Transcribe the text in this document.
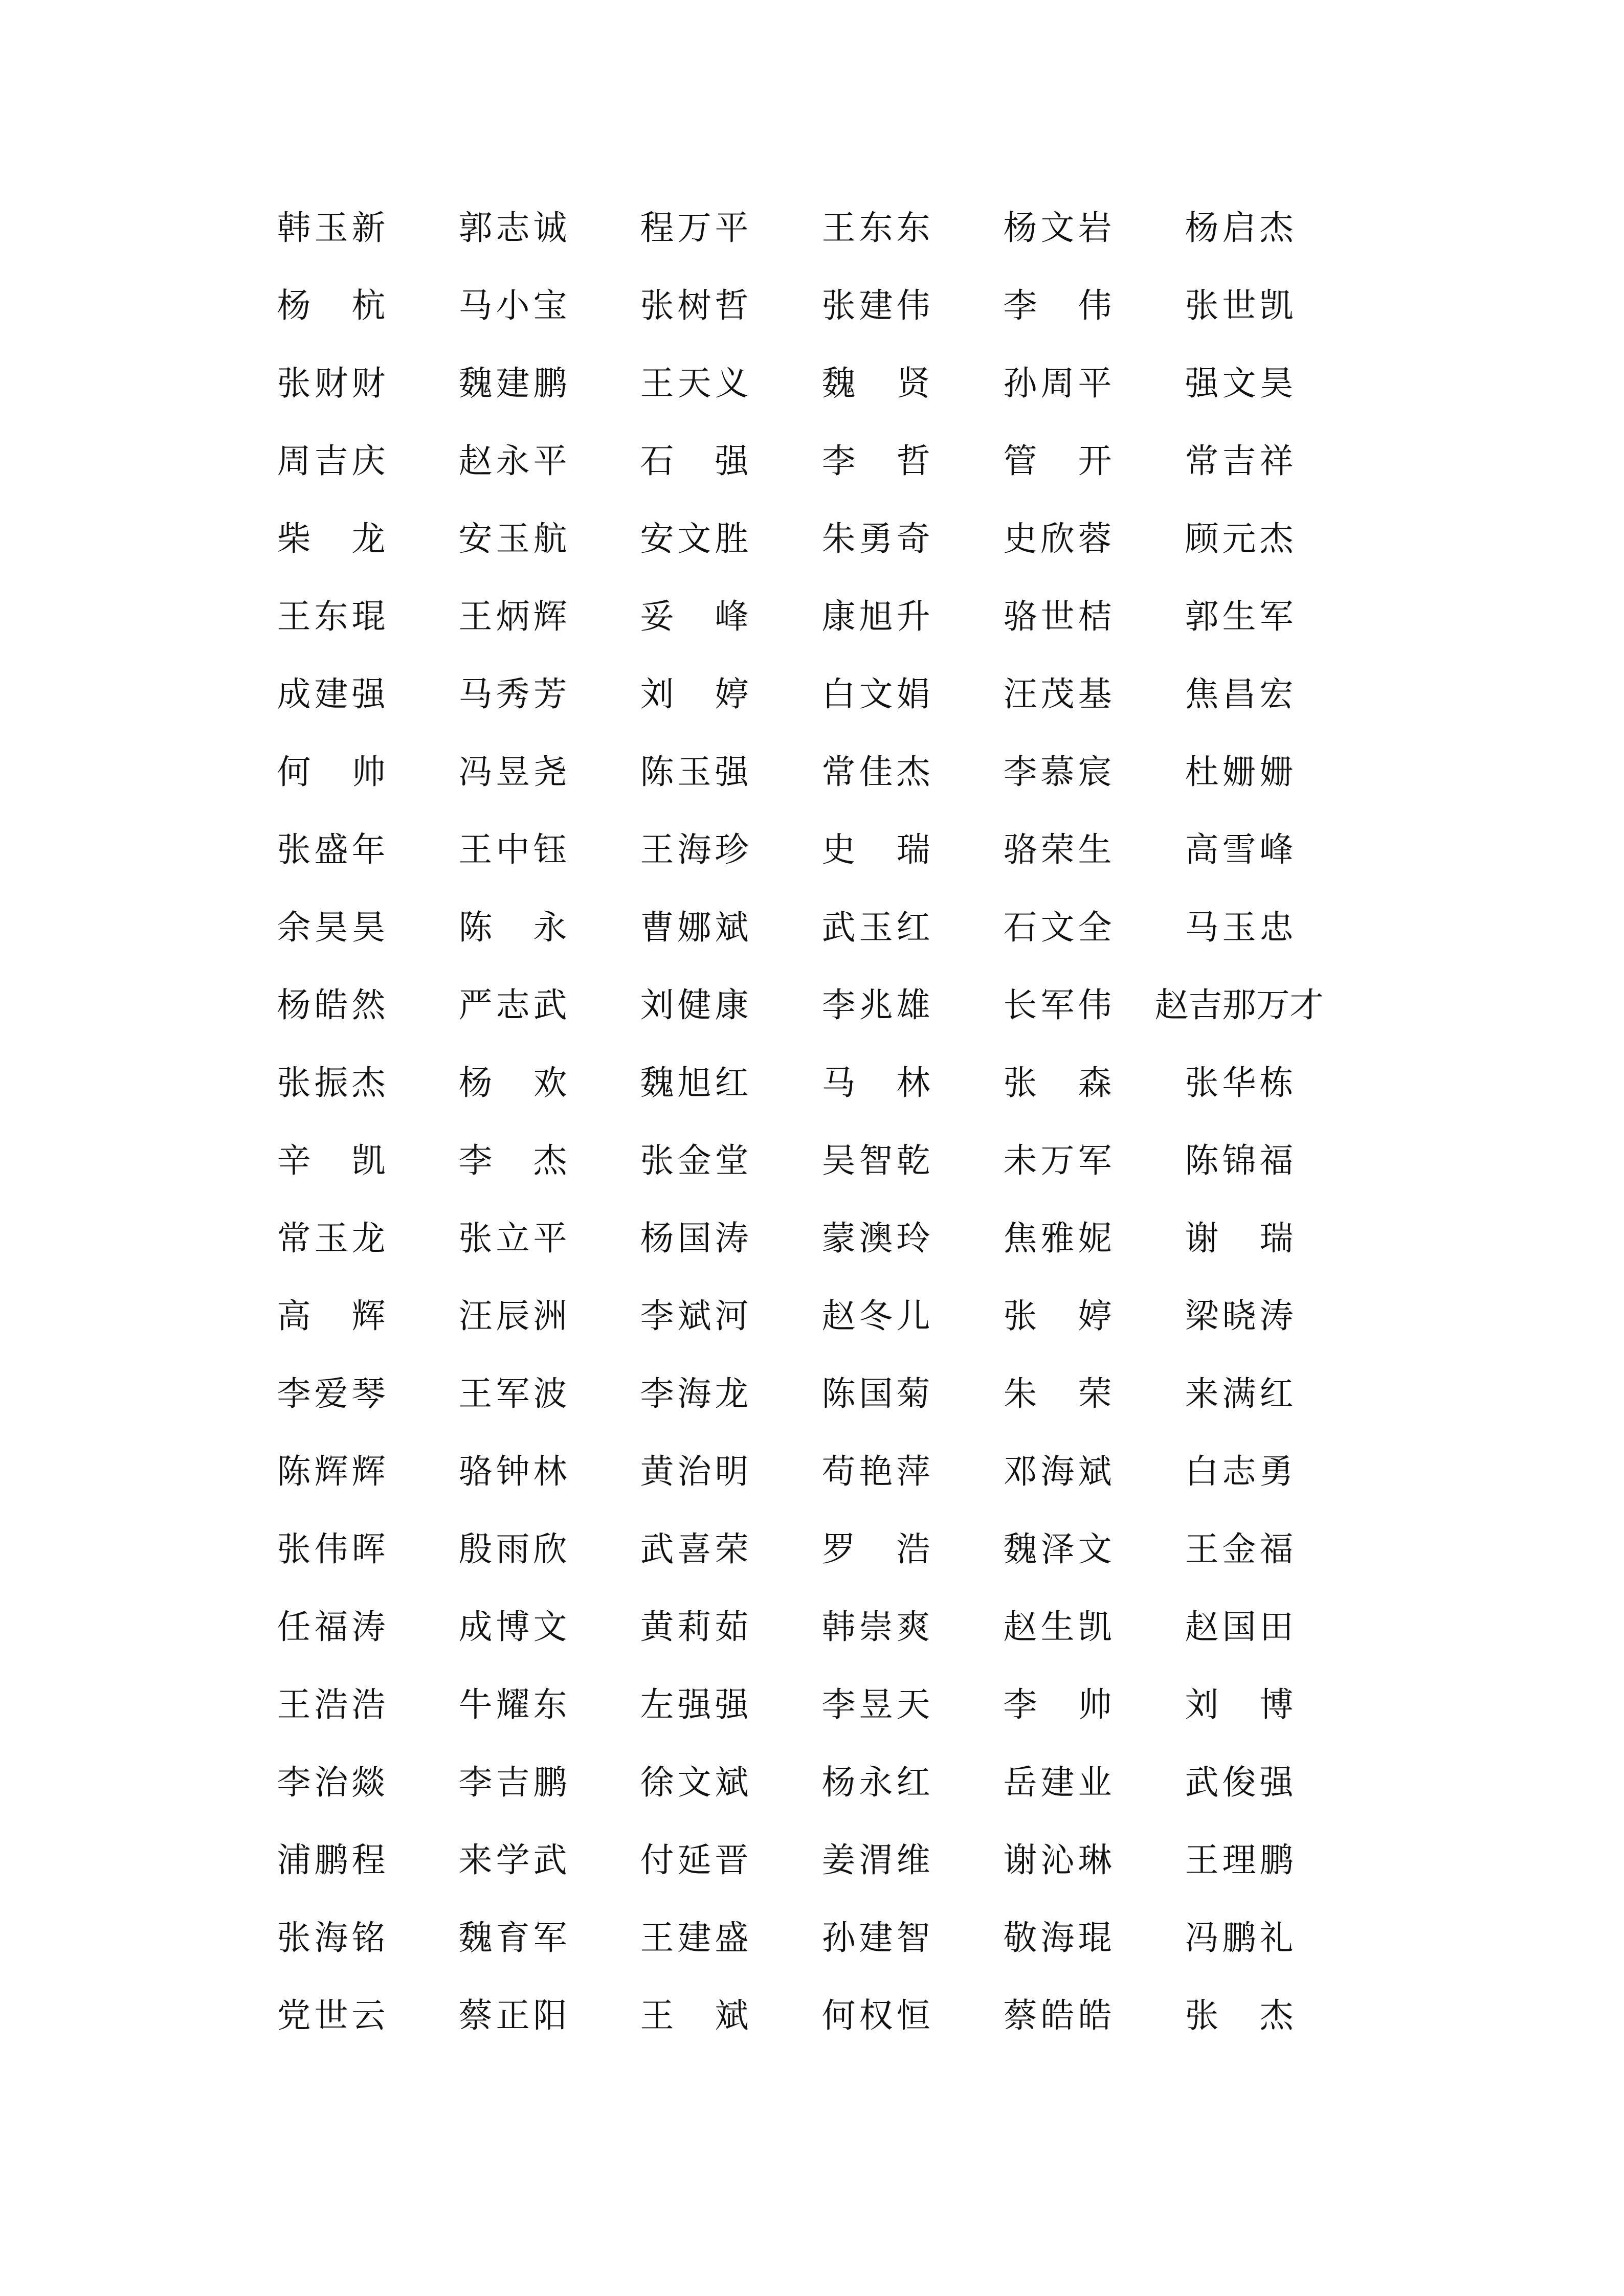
韩玉新	郭志诚	程万平	王东东	杨文岩	杨启杰
杨杭	马小宝	张树哲	张建伟	李伟	张世凯
张财财	魏建鹏	王天义	魏贤	孙周平	强文昊
周吉庆	赵永平	石强	李哲	管开	常吉祥
柴龙	安玉航	安文胜	朱勇奇	史欣蓉	顾元杰
王东琨	王炳辉	妥峰	康旭升	骆世桔	郭生军
成建强	马秀芳	刘婷	白文娟	汪茂基	焦昌宏
何帅	冯昱尧	陈玉强	常佳杰	李慕宸	杜姗姗
张盛年	王中钰	王海珍	史瑞	骆荣生	高雪峰
余昊昊	陈永	曹娜斌	武玉红	石文全	马玉忠
杨皓然	严志武	刘健康	李兆雄	长军伟	赵吉那万才
张振杰	杨欢	魏旭红	马林	张森	张华栋
辛凯	李杰	张金堂	吴智乾	未万军	陈锦福
常玉龙	张立平	杨国涛	蒙澳玲	焦雅妮	谢瑞
高辉	汪辰洲	李斌河	赵冬儿	张婷	梁晓涛
李爱琴	王军波	李海龙	陈国菊	朱荣	来满红
陈辉辉	骆钟林	黄治明	苟艳萍	邓海斌	白志勇
张伟晖	殷雨欣	武喜荣	罗浩	魏泽文	王金福
任福涛	成博文	黄莉茹	韩崇爽	赵生凯	赵国田
王浩浩	牛耀东	左强强	李昱天	李帅	刘博
李治燚	李吉鹏	徐文斌	杨永红	岳建业	武俊强
浦鹏程	来学武	付延晋	姜渭维	谢沁琳	王理鹏
张海铭	魏育军	王建盛	孙建智	敬海琨	冯鹏礼
党世云	蔡正阳	王斌	何权恒	蔡皓皓	张杰
